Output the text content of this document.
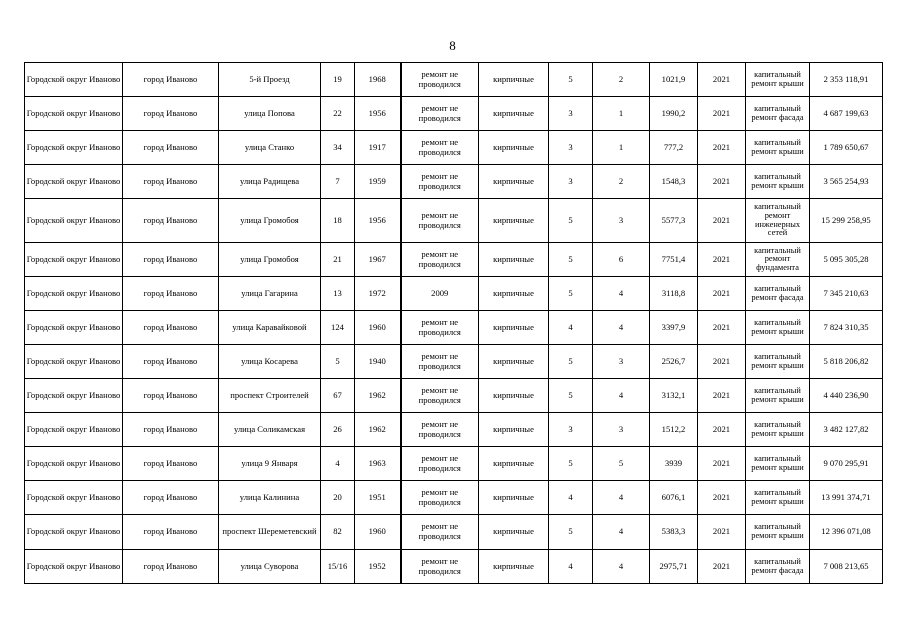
8
Городской округ Иваново	город Иваново	5-й Проезд	19	1968	ремонт не проводился	кирпичные	5	2	1021,9	2021	капитальный ремонт крыши	2 353 118,91
Городской округ Иваново	город Иваново	улица Попова	22	1956	ремонт не проводился	кирпичные	3	1	1990,2	2021	капитальный ремонт фасада	4 687 199,63
Городской округ Иваново	город Иваново	улица Станко	34	1917	ремонт не проводился	кирпичные	3	1	777,2	2021	капитальный ремонт крыши	1 789 650,67
Городской округ Иваново	город Иваново	улица Радищева	7	1959	ремонт не проводился	кирпичные	3	2	1548,3	2021	капитальный ремонт крыши	3 565 254,93
Городской округ Иваново	город Иваново	улица Громобоя	18	1956	ремонт не проводился	кирпичные	5	3	5577,3	2021	капитальный ремонт инженерных сетей	15 299 258,95
Городской округ Иваново	город Иваново	улица Громобоя	21	1967	ремонт не проводился	кирпичные	5	6	7751,4	2021	капитальный ремонт фундамента	5 095 305,28
Городской округ Иваново	город Иваново	улица Гагарина	13	1972	2009	кирпичные	5	4	3118,8	2021	капитальный ремонт фасада	7 345 210,63
Городской округ Иваново	город Иваново	улица Каравайковой	124	1960	ремонт не проводился	кирпичные	4	4	3397,9	2021	капитальный ремонт крыши	7 824 310,35
Городской округ Иваново	город Иваново	улица Косарева	5	1940	ремонт не проводился	кирпичные	5	3	2526,7	2021	капитальный ремонт крыши	5 818 206,82
Городской округ Иваново	город Иваново	проспект Строителей	67	1962	ремонт не проводился	кирпичные	5	4	3132,1	2021	капитальный ремонт крыши	4 440 236,90
Городской округ Иваново	город Иваново	улица Соликамская	26	1962	ремонт не проводился	кирпичные	3	3	1512,2	2021	капитальный ремонт крыши	3 482 127,82
Городской округ Иваново	город Иваново	улица 9 Января	4	1963	ремонт не проводился	кирпичные	5	5	3939	2021	капитальный ремонт крыши	9 070 295,91
Городской округ Иваново	город Иваново	улица Калинина	20	1951	ремонт не проводился	кирпичные	4	4	6076,1	2021	капитальный ремонт крыши	13 991 374,71
Городской округ Иваново	город Иваново	проспект Шереметевский	82	1960	ремонт не проводился	кирпичные	5	4	5383,3	2021	капитальный ремонт крыши	12 396 071,08
Городской округ Иваново	город Иваново	улица Суворова	15/16	1952	ремонт не проводился	кирпичные	4	4	2975,71	2021	капитальный ремонт фасада	7 008 213,65
